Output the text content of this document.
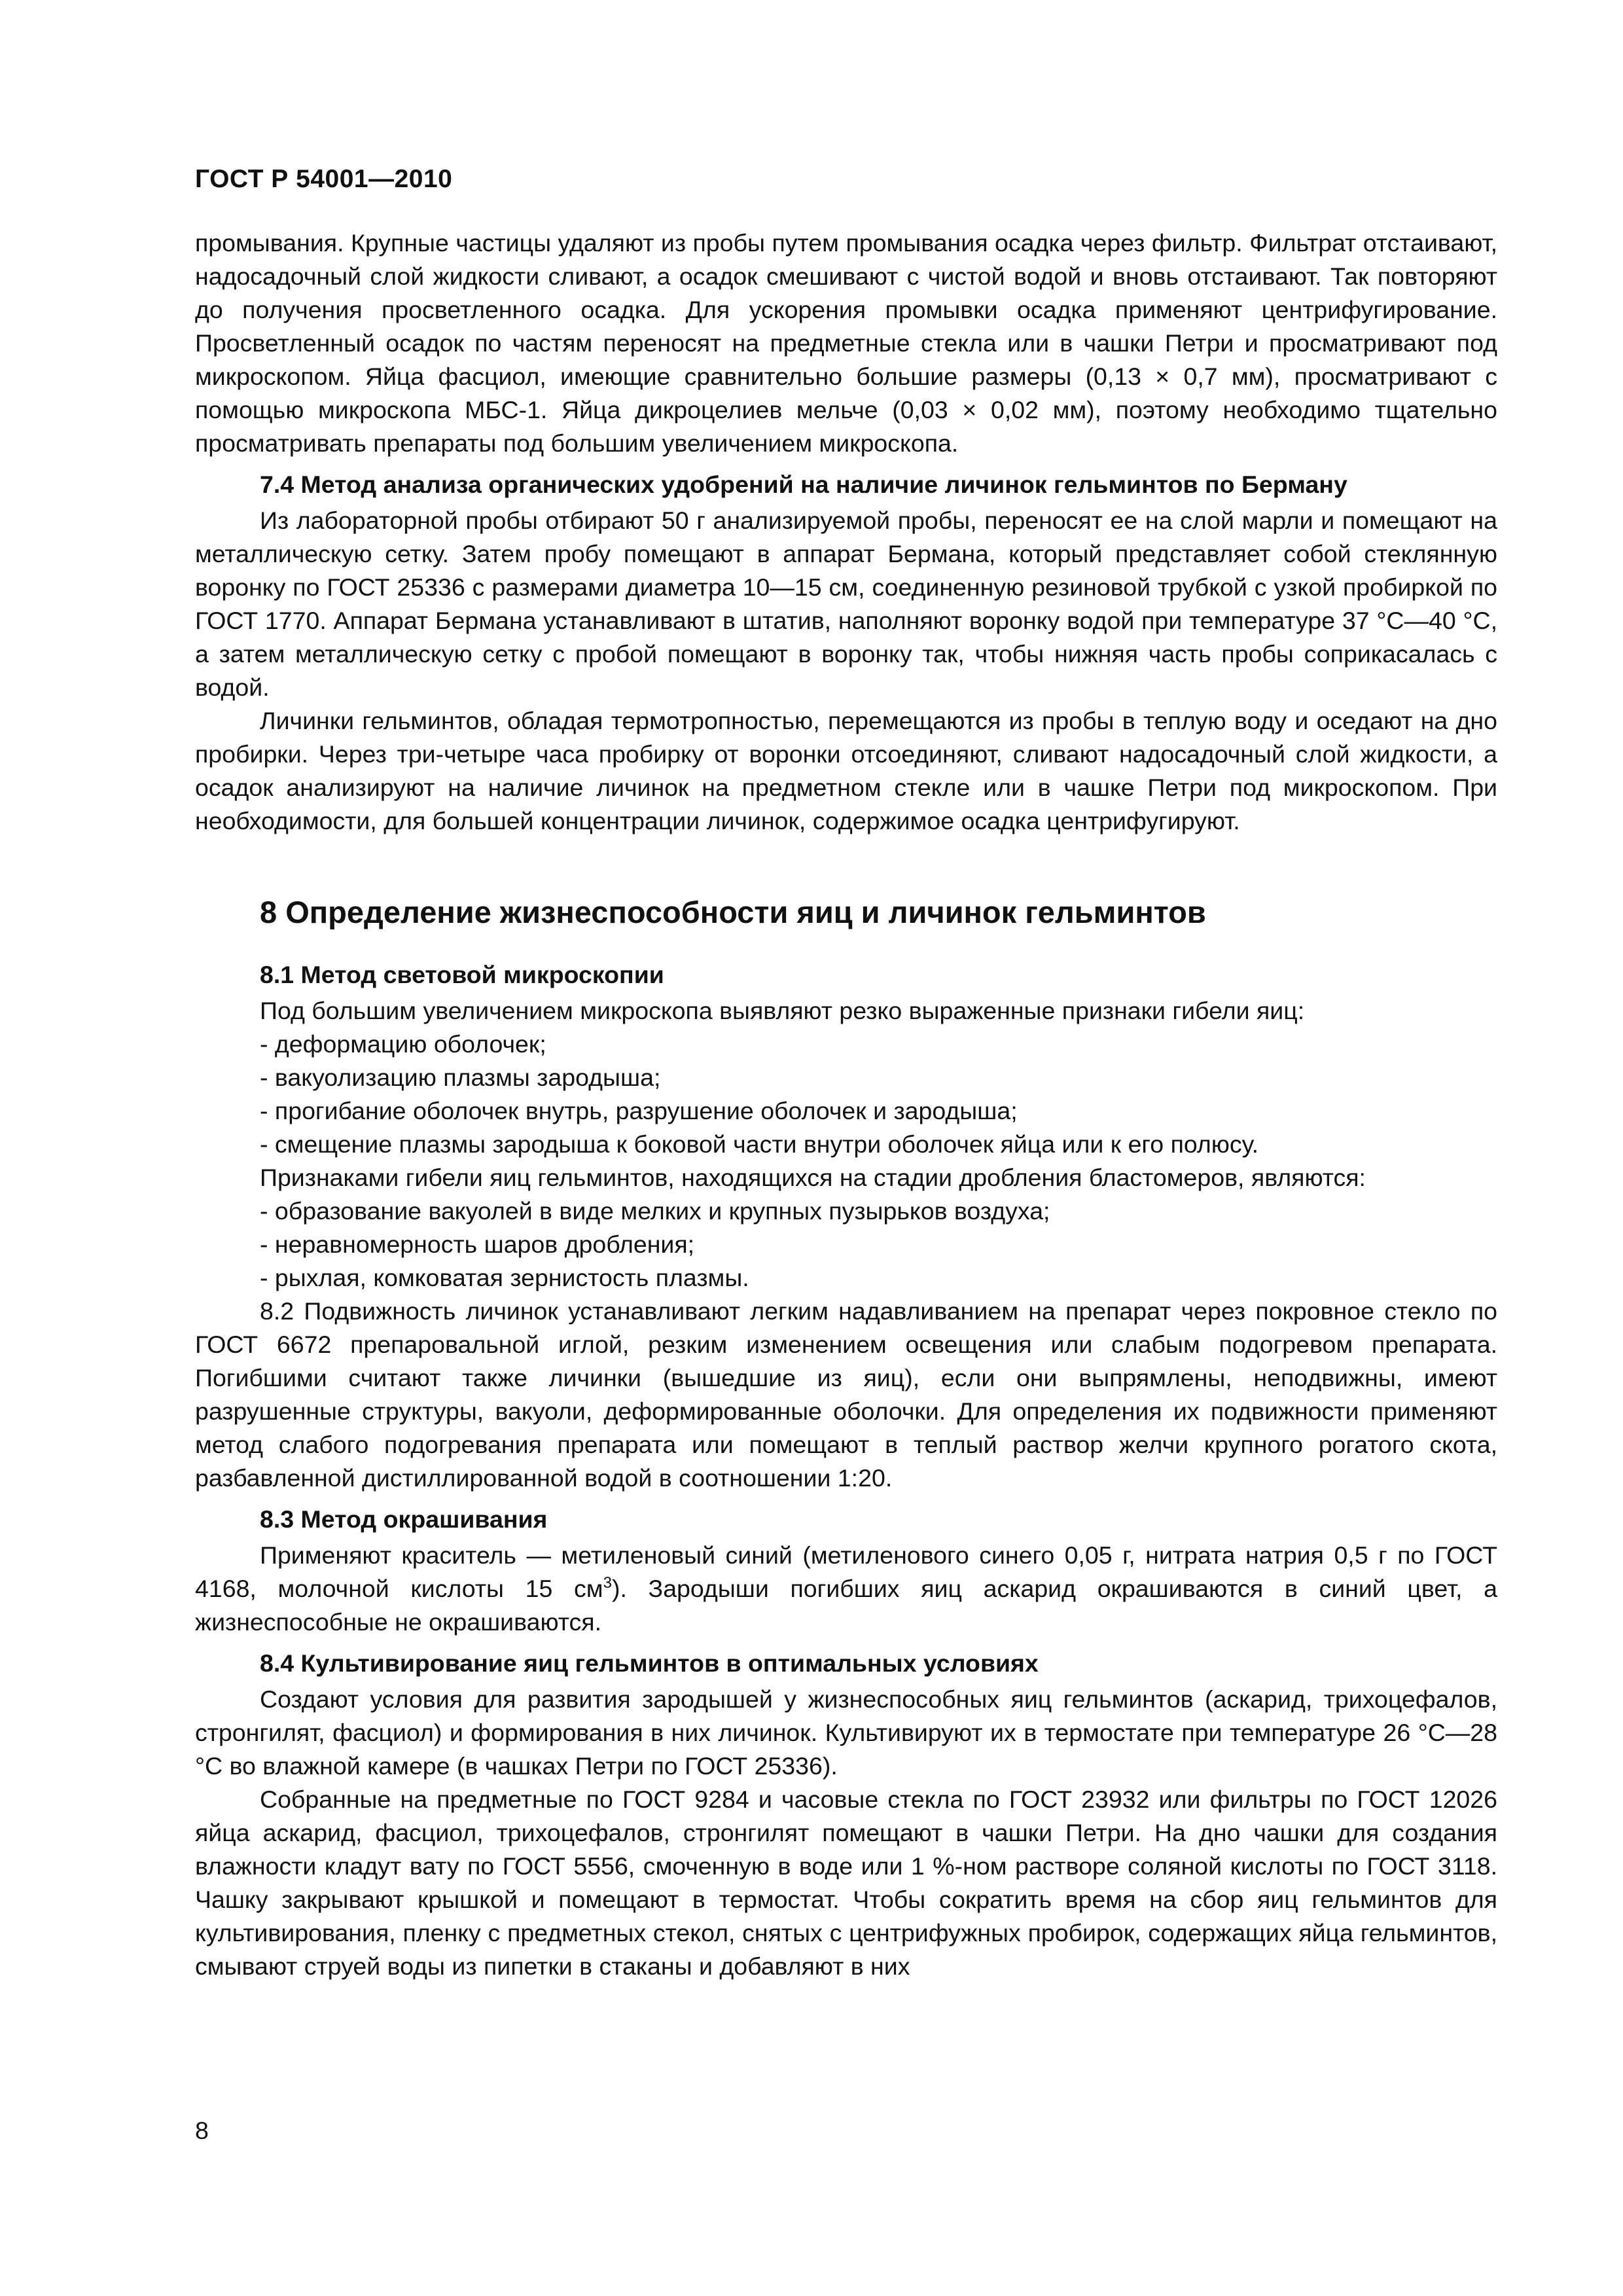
ГОСТ Р 54001—2010

промывания. Крупные частицы удаляют из пробы путем промывания осадка через фильтр. Фильтрат отстаивают, надосадочный слой жидкости сливают, а осадок смешивают с чистой водой и вновь отстаивают. Так повторяют до получения просветленного осадка. Для ускорения промывки осадка применяют центрифугирование. Просветленный осадок по частям переносят на предметные стекла или в чашки Петри и просматривают под микроскопом. Яйца фасциол, имеющие сравнительно большие размеры (0,13 × 0,7 мм), просматривают с помощью микроскопа МБС-1. Яйца дикроцелиев мельче (0,03 × 0,02 мм), поэтому необходимо тщательно просматривать препараты под большим увеличением микроскопа.

7.4 Метод анализа органических удобрений на наличие личинок гельминтов по Берману

Из лабораторной пробы отбирают 50 г анализируемой пробы, переносят ее на слой марли и помещают на металлическую сетку. Затем пробу помещают в аппарат Бермана, который представляет собой стеклянную воронку по ГОСТ 25336 с размерами диаметра 10—15 см, соединенную резиновой трубкой с узкой пробиркой по ГОСТ 1770. Аппарат Бермана устанавливают в штатив, наполняют воронку водой при температуре 37 °С—40 °С, а затем металлическую сетку с пробой помещают в воронку так, чтобы нижняя часть пробы соприкасалась с водой.

Личинки гельминтов, обладая термотропностью, перемещаются из пробы в теплую воду и оседают на дно пробирки. Через три-четыре часа пробирку от воронки отсоединяют, сливают надосадочный слой жидкости, а осадок анализируют на наличие личинок на предметном стекле или в чашке Петри под микроскопом. При необходимости, для большей концентрации личинок, содержимое осадка центрифугируют.

8 Определение жизнеспособности яиц и личинок гельминтов
8.1 Метод световой микроскопии

Под большим увеличением микроскопа выявляют резко выраженные признаки гибели яиц:

- деформацию оболочек;

- вакуолизацию плазмы зародыша;

- прогибание оболочек внутрь, разрушение оболочек и зародыша;

- смещение плазмы зародыша к боковой части внутри оболочек яйца или к его полюсу.

Признаками гибели яиц гельминтов, находящихся на стадии дробления бластомеров, являются:

- образование вакуолей в виде мелких и крупных пузырьков воздуха;

- неравномерность шаров дробления;

- рыхлая, комковатая зернистость плазмы.

8.2 Подвижность личинок устанавливают легким надавливанием на препарат через покровное стекло по ГОСТ 6672 препаровальной иглой, резким изменением освещения или слабым подогревом препарата. Погибшими считают также личинки (вышедшие из яиц), если они выпрямлены, неподвижны, имеют разрушенные структуры, вакуоли, деформированные оболочки. Для определения их подвижности применяют метод слабого подогревания препарата или помещают в теплый раствор желчи крупного рогатого скота, разбавленной дистиллированной водой в соотношении 1:20.

8.3 Метод окрашивания

Применяют краситель — метиленовый синий (метиленового синего 0,05 г, нитрата натрия 0,5 г по ГОСТ 4168, молочной кислоты 15 $см^3$). Зародыши погибших яиц аскарид окрашиваются в синий цвет, а жизнеспособные не окрашиваются.

8.4 Культивирование яиц гельминтов в оптимальных условиях

Создают условия для развития зародышей у жизнеспособных яиц гельминтов (аскарид, трихоцефалов, стронгилят, фасциол) и формирования в них личинок. Культивируют их в термостате при температуре 26 °С—28 °С во влажной камере (в чашках Петри по ГОСТ 25336).

Собранные на предметные по ГОСТ 9284 и часовые стекла по ГОСТ 23932 или фильтры по ГОСТ 12026 яйца аскарид, фасциол, трихоцефалов, стронгилят помещают в чашки Петри. На дно чашки для создания влажности кладут вату по ГОСТ 5556, смоченную в воде или 1 %-ном растворе соляной кислоты по ГОСТ 3118. Чашку закрывают крышкой и помещают в термостат. Чтобы сократить время на сбор яиц гельминтов для культивирования, пленку с предметных стекол, снятых с центрифужных пробирок, содержащих яйца гельминтов, смывают струей воды из пипетки в стаканы и добавляют в них

8
